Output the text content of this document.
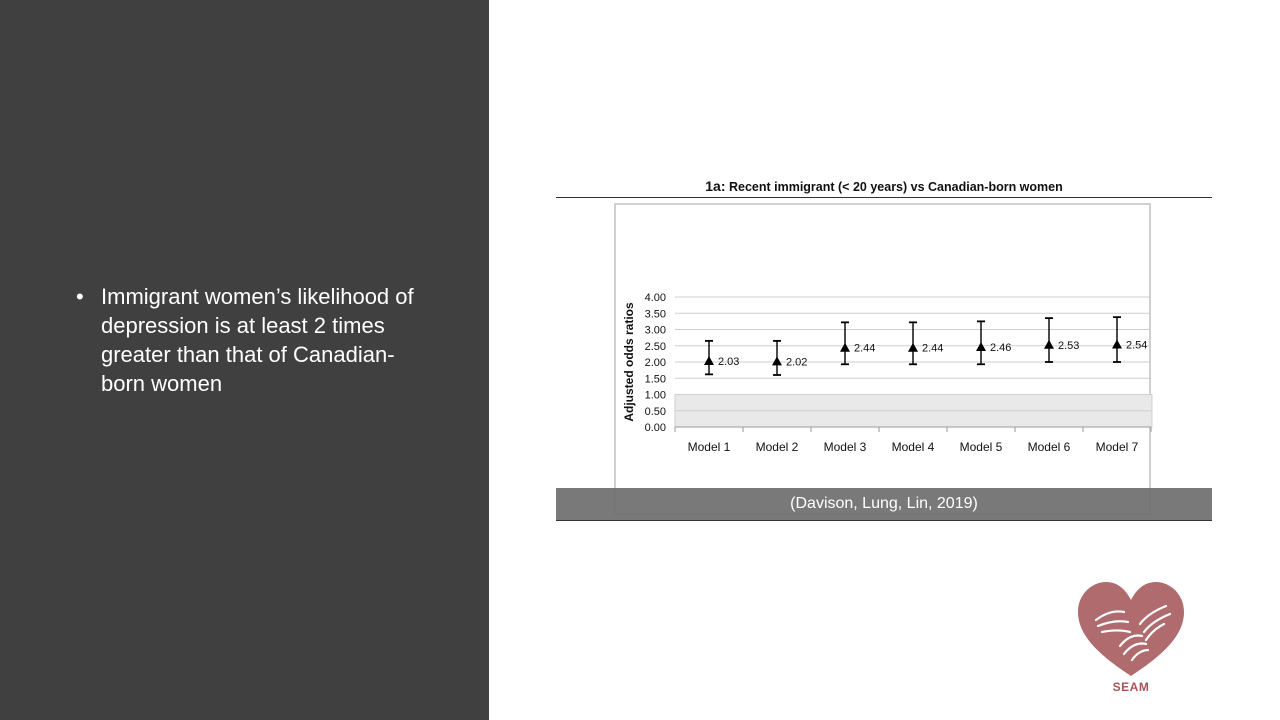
• Immigrant women’s likelihood of depression is at least 2 times greater than that of Canadian-born women
1a: Recent immigrant (< 20 years) vs Canadian-born women
0.00
0.50
1.00
1.50
2.00
2.50
3.00
3.50
4.00
2.03
Model 1
2.02
Model 2
2.44
Model 3
2.44
Model 4
2.46
Model 5
2.53
Model 6
2.54
Model 7
Adjusted odds ratios
(Davison, Lung, Lin, 2019)
SEAM
